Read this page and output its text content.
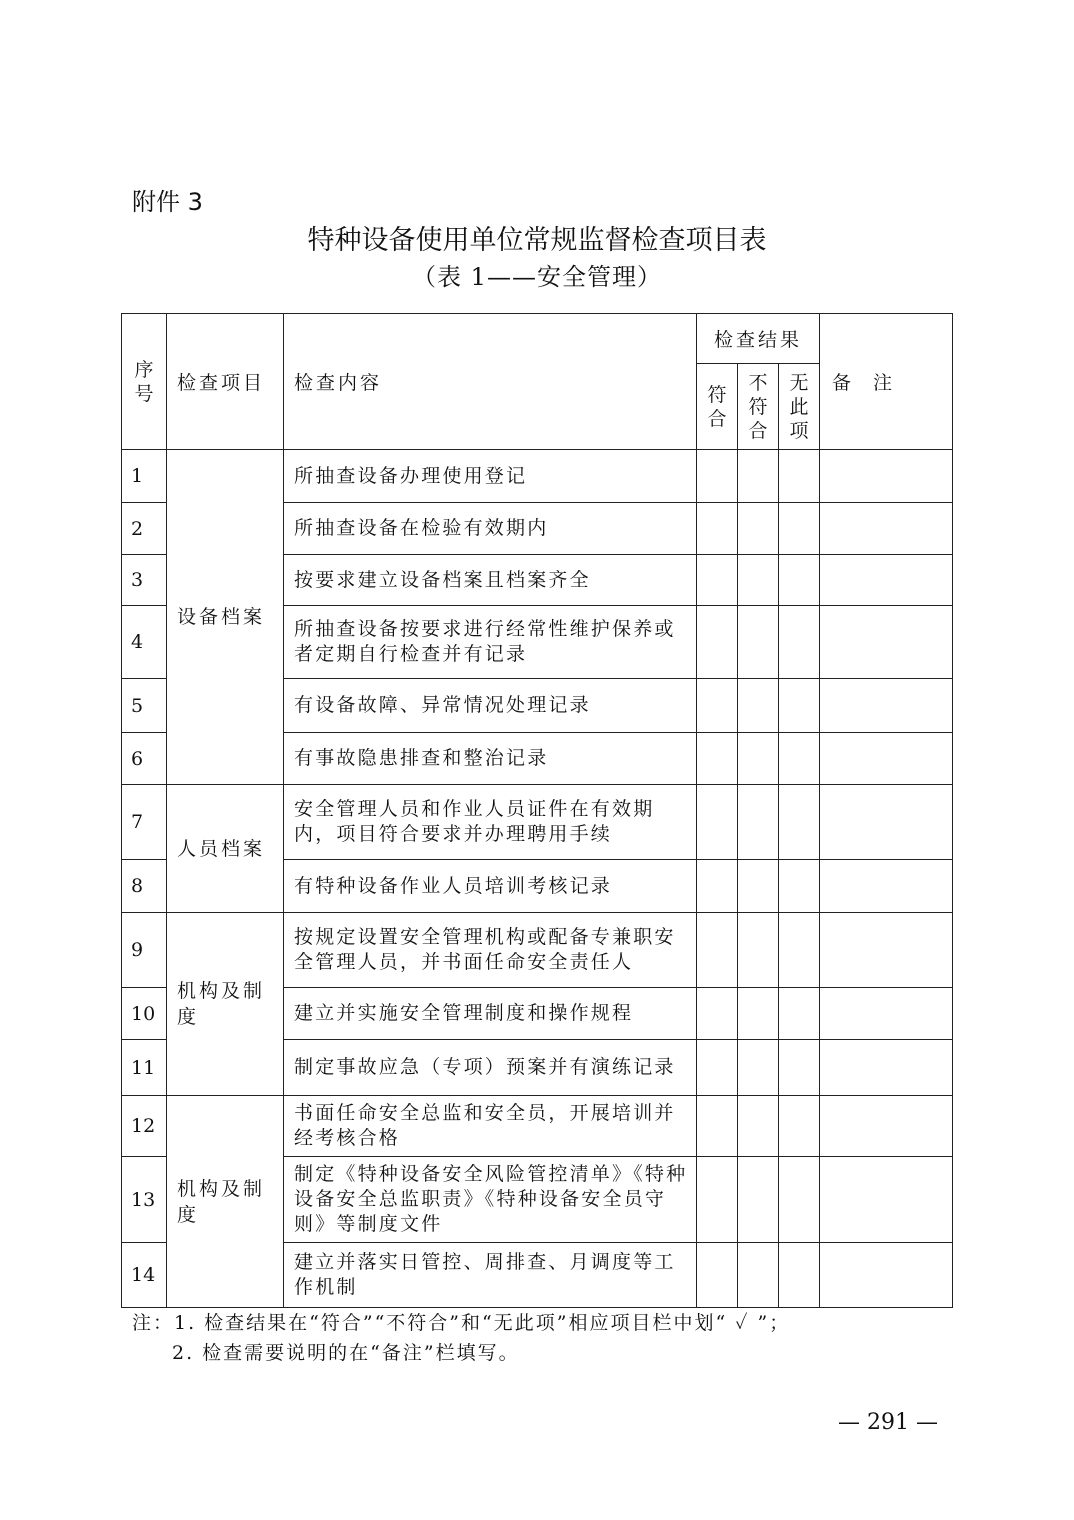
附件 3
特种设备使用单位常规监督检查项目表
（表 1——安全管理）
序号	检查项目	检查内容	检查结果			备 注
			符合	不符合	无此项	
1	设备档案	所抽查设备办理使用登记				
2		所抽查设备在检验有效期内				
3		按要求建立设备档案且档案齐全				
4		所抽查设备按要求进行经常性维护保养或者定期自行检查并有记录				
5		有设备故障、异常情况处理记录				
6		有事故隐患排查和整治记录				
7	人员档案	安全管理人员和作业人员证件在有效期内，项目符合要求并办理聘用手续				
8		有特种设备作业人员培训考核记录				
9	机构及制度	按规定设置安全管理机构或配备专兼职安全管理人员，并书面任命安全责任人				
10		建立并实施安全管理制度和操作规程				
11		制定事故应急（专项）预案并有演练记录				
12	机构及制度	书面任命安全总监和安全员，开展培训并经考核合格				
13		制定《特种设备安全风险管控清单》《特种设备安全总监职责》《特种设备安全员守则》等制度文件				
14		建立并落实日管控、周排查、月调度等工作机制				
注：1. 检查结果在“符合”“不符合”和“无此项”相应项目栏中划“ ✓ ”；
2. 检查需要说明的在“备注”栏填写。
— 291 —
